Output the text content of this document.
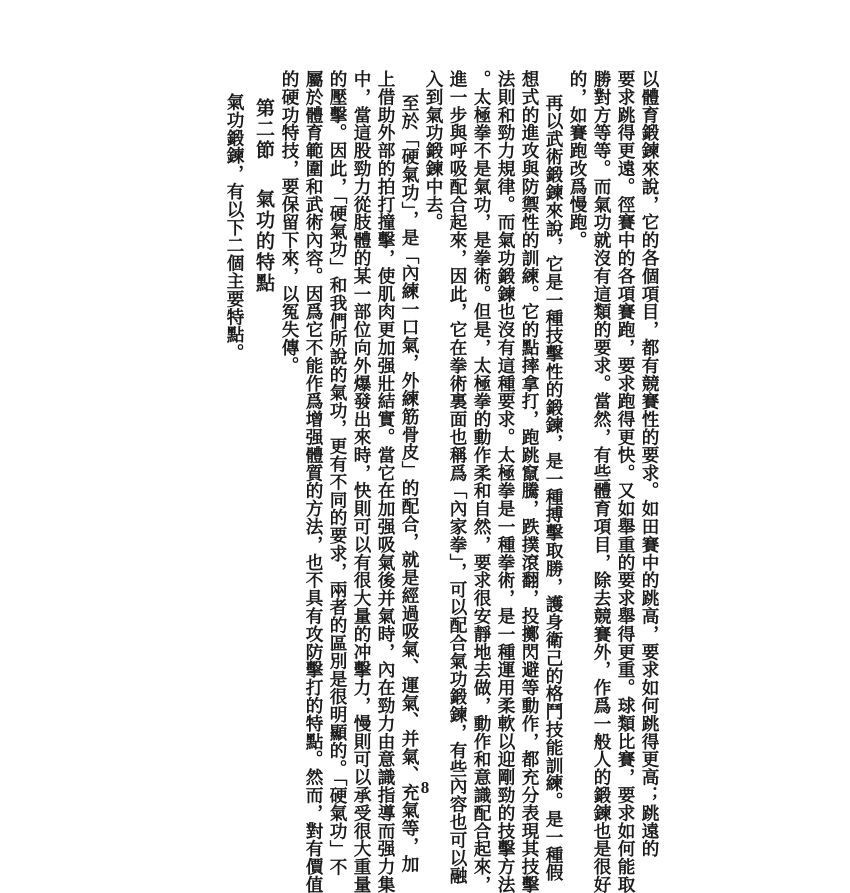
以體育鍛鍊來說，它的各個項目，都有競賽性的要求。如田賽中的跳高，要求如何跳得更高；跳遠的
要求跳得更遠。徑賽中的各項賽跑，要求跑得更快。又如舉重的要求舉得更重。球類比賽，要求如何能取
勝對方等等。而氣功就沒有這類的要求。當然，有些體育項目，除去競賽外，作爲一般人的鍛鍊也是很好
的，如賽跑改爲慢跑。
再以武術鍛鍊來說，它是一種技擊性的鍛鍊，是一種搏擊取勝，護身衛己的格鬥技能訓練。是一種假
想式的進攻與防禦性的訓練。它的點摔拿打，跑跳竄騰，跌撲滾翻，投擲閃避等動作，都充分表現其技擊
法則和勁力規律。而氣功鍛鍊也沒有這種要求。太極拳是一種拳術，是一種運用柔軟以迎剛勁的技擊方法
。太極拳不是氣功，是拳術。但是，太極拳的動作柔和自然，要求很安靜地去做，動作和意識配合起來，
進一步與呼吸配合起來，因此，它在拳術裏面也稱爲「內家拳」，可以配合氣功鍛鍊，有些內容也可以融
入到氣功鍛鍊中去。
至於「硬氣功」，是「內練一口氣，外練筋骨皮」的配合，就是經過吸氣、運氣、并氣、充氣等，加
上借助外部的拍打撞擊，使肌肉更加强壯結實。當它在加强吸氣後并氣時，內在勁力由意識指導而强力集
中，當這股勁力從肢體的某一部位向外爆發出來時，快則可以有很大量的冲擊力，慢則可以承受很大重量
的壓擊。因此，「硬氣功」和我們所說的氣功，更有不同的要求，兩者的區別是很明顯的。「硬氣功」不
屬於體育範圍和武術內容。因爲它不能作爲增强體質的方法，也不具有攻防擊打的特點。然而，對有價值
的硬功特技，要保留下來，以冤失傳。
第二節氣功的特點
氣功鍛鍊，有以下二個主要特點。
8
